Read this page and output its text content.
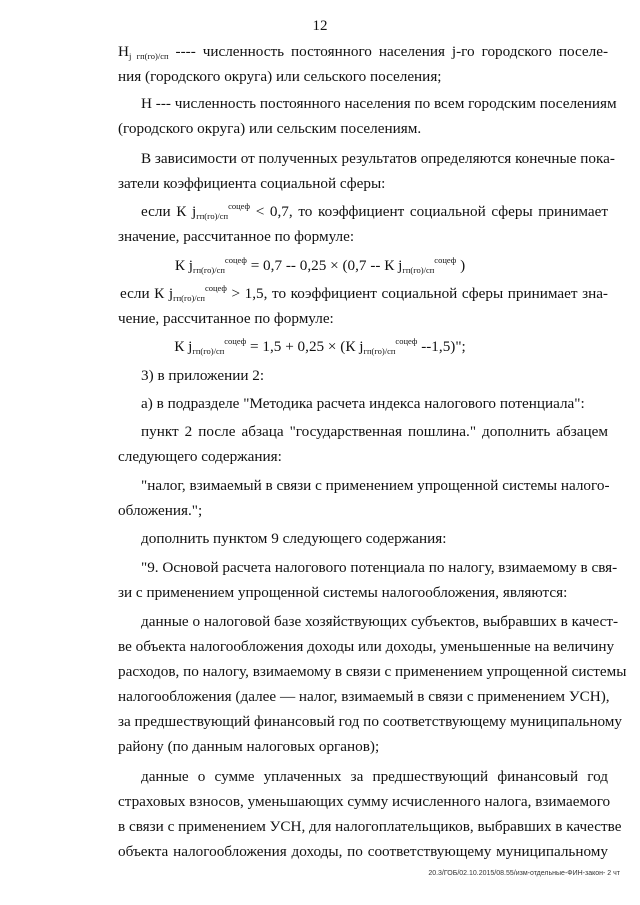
12
Нj гп(го)/сп ---- численность постоянного населения j-го городского поселе-
ния (городского округа) или сельского поселения;
Н --- численность постоянного населения по всем городским поселениям
(городского округа) или сельским поселениям.
В зависимости от полученных результатов определяются конечные пока-
затели коэффициента социальной сферы:
если К $jгп(го)/сп^{соцеф} < 0,7$, то коэффициент социальной сферы принимает
значение, рассчитанное по формуле:
К $jгп(го)/сп^{соцеф} = 0,7 -- 0,25 \times (0,7 -- К$ $jгп(го)/сп^{соцеф}$ )
если К $jгп(го)/сп^{соцеф} > 1,5$, то коэффициент социальной сферы принимает зна-
чение, рассчитанное по формуле:
К $jгп(го)/сп^{соцеф} = 1,5 + 0,25 \times (К$ $jгп(го)/сп^{соцеф}$ --1,5)";
3) в приложении 2:
а) в подразделе "Методика расчета индекса налогового потенциала":
пункт 2 после абзаца "государственная пошлина." дополнить абзацем
следующего содержания:
"налог, взимаемый в связи с применением упрощенной системы налого-
обложения.";
дополнить пунктом 9 следующего содержания:
"9. Основой расчета налогового потенциала по налогу, взимаемому в свя-
зи с применением упрощенной системы налогообложения, являются:
данные о налоговой базе хозяйствующих субъектов, выбравших в качест-
ве объекта налогообложения доходы или доходы, уменьшенные на величину
расходов, по налогу, взимаемому в связи с применением упрощенной системы
налогообложения (далее — налог, взимаемый в связи с применением УСН),
за предшествующий финансовый год по соответствующему муниципальному
району (по данным налоговых органов);
данные о сумме уплаченных за предшествующий финансовый год
страховых взносов, уменьшающих сумму исчисленного налога, взимаемого
в связи с применением УСН, для налогоплательщиков, выбравших в качестве
объекта налогообложения доходы, по соответствующему муниципальному
20.3/ГОБ/02.10.2015/08.55/изм-отдельные-ФИН-закон- 2 чт
